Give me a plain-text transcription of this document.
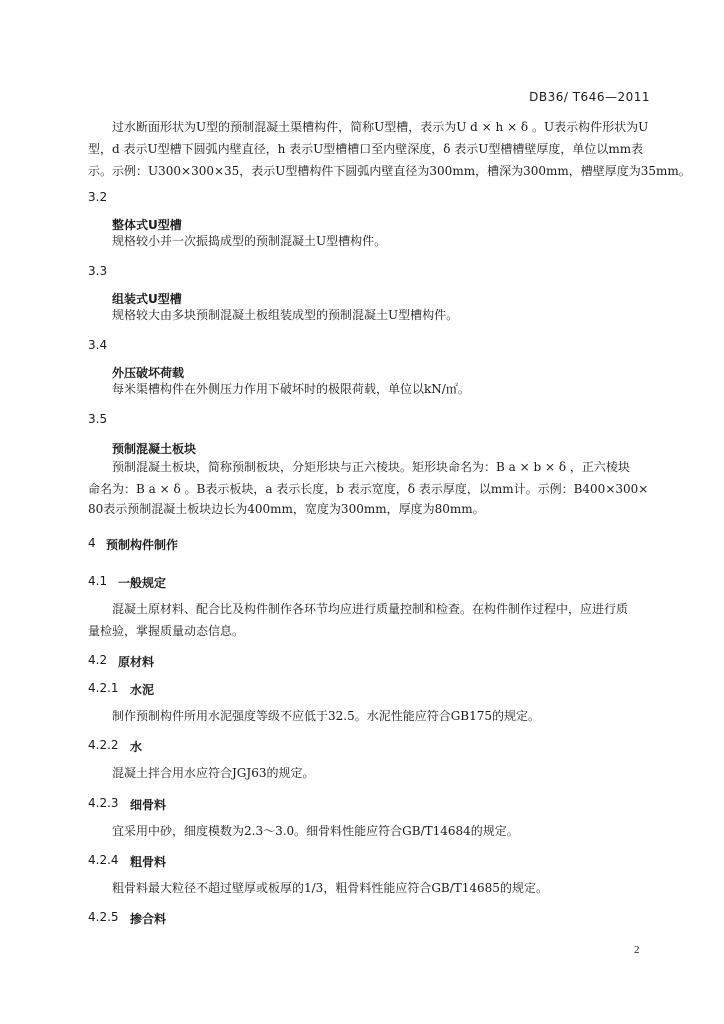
DB36/ T646—2011
过水断面形状为U型的预制混凝土渠槽构件，简称U型槽，表示为U d × h × δ 。U表示构件形状为U
型，d 表示U型槽下圆弧内壁直径，h 表示U型槽槽口至内壁深度，δ 表示U型槽槽壁厚度，单位以mm表
示。示例：U300×300×35，表示U型槽构件下圆弧内壁直径为300mm，槽深为300mm，槽壁厚度为35mm。
3.2
整体式U型槽
规格较小并一次振捣成型的预制混凝土U型槽构件。
3.3
组装式U型槽
规格较大由多块预制混凝土板组装成型的预制混凝土U型槽构件。
3.4
外压破坏荷载
每米渠槽构件在外侧压力作用下破坏时的极限荷载，单位以kN/㎡。
3.5
预制混凝土板块
预制混凝土板块，简称预制板块，分矩形块与正六棱块。矩形块命名为：B a × b × δ ，正六棱块
命名为：B a × δ 。B表示板块，a 表示长度，b 表示宽度，δ 表示厚度，以mm计。示例：B400×300×
80表示预制混凝土板块边长为400mm，宽度为300mm，厚度为80mm。
4 预制构件制作
4.1 一般规定
混凝土原材料、配合比及构件制作各环节均应进行质量控制和检查。在构件制作过程中，应进行质
量检验，掌握质量动态信息。
4.2 原材料
4.2.1 水泥
制作预制构件所用水泥强度等级不应低于32.5。水泥性能应符合GB175的规定。
4.2.2 水
混凝土拌合用水应符合JGJ63的规定。
4.2.3 细骨料
宜采用中砂，细度模数为2.3～3.0。细骨料性能应符合GB/T14684的规定。
4.2.4 粗骨料
粗骨料最大粒径不超过壁厚或板厚的1/3，粗骨料性能应符合GB/T14685的规定。
4.2.5 掺合料
2
